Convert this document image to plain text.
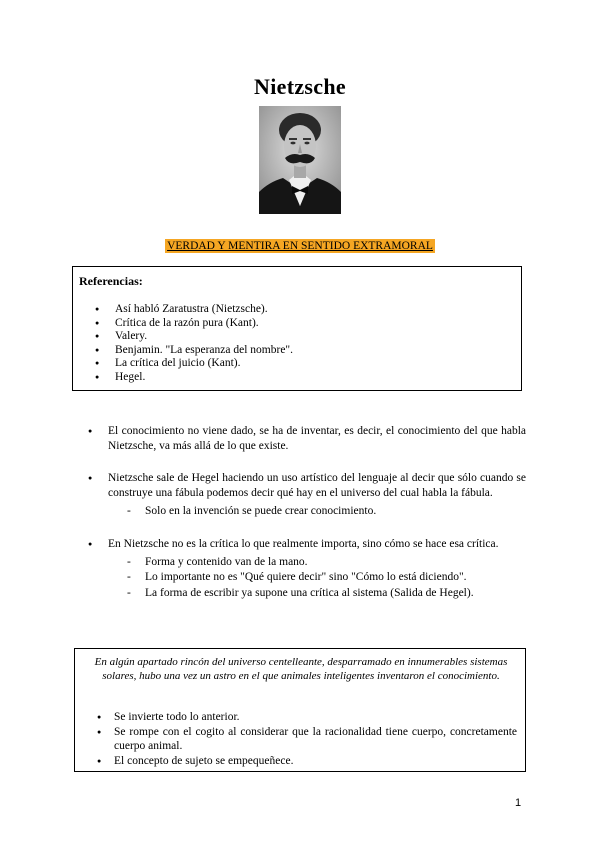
Nietzsche
VERDAD Y MENTIRA EN SENTIDO EXTRAMORAL
Referencias:
● Así habló Zaratustra (Nietzsche).
● Crítica de la razón pura (Kant).
● Valery.
● Benjamin. "La esperanza del nombre".
● La crítica del juicio (Kant).
● Hegel.
● El conocimiento no viene dado, se ha de inventar, es decir, el conocimiento del que habla Nietzsche, va más allá de lo que existe.
● Nietzsche sale de Hegel haciendo un uso artístico del lenguaje al decir que sólo cuando se construye una fábula podemos decir qué hay en el universo del cual habla la fábula.
- Solo en la invención se puede crear conocimiento.
● En Nietzsche no es la crítica lo que realmente importa, sino cómo se hace esa crítica.
- Forma y contenido van de la mano.
- Lo importante no es "Qué quiere decir" sino "Cómo lo está diciendo".
- La forma de escribir ya supone una crítica al sistema (Salida de Hegel).
En algún apartado rincón del universo centelleante, desparramado en innumerables sistemas solares, hubo una vez un astro en el que animales inteligentes inventaron el conocimiento.
● Se invierte todo lo anterior.
● Se rompe con el cogito al considerar que la racionalidad tiene cuerpo, concretamente cuerpo animal.
● El concepto de sujeto se empequeñece.
1
